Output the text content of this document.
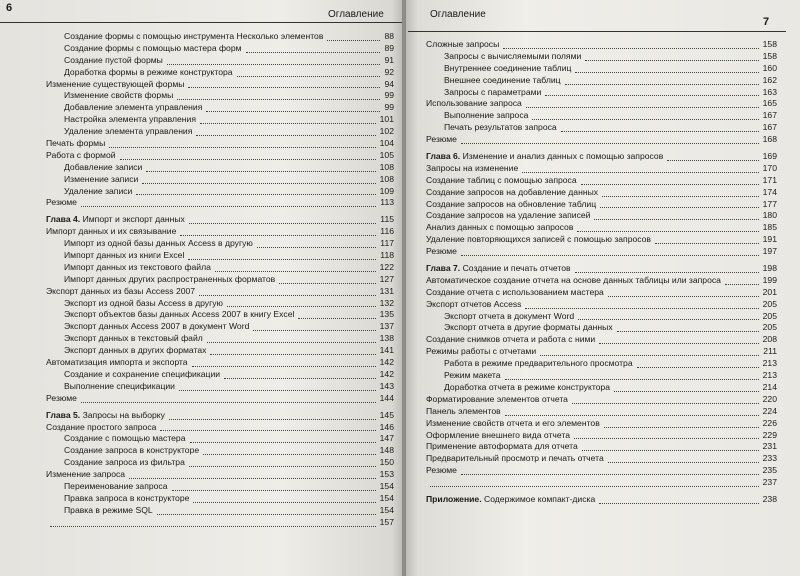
6
Оглавление
Создание формы с помощью инструмента Несколько элементов	88
Создание формы с помощью мастера форм	89
Создание пустой формы	91
Доработка формы в режиме конструктора	92
Изменение существующей формы	94
Изменение свойств формы	99
Добавление элемента управления	99
Настройка элемента управления	101
Удаление элемента управления	102
Печать формы	104
Работа с формой	105
Добавление записи	108
Изменение записи	108
Удаление записи	109
Резюме	113
Глава 4. Импорт и экспорт данных	115
Импорт данных и их связывание	116
Импорт из одной базы данных Access в другую	117
Импорт данных из книги Excel	118
Импорт данных из текстового файла	122
Импорт данных других распространенных форматов	127
Экспорт данных из базы Access 2007	131
Экспорт из одной базы Access в другую	132
Экспорт объектов базы данных Access 2007 в книгу Excel	135
Экспорт данных Access 2007 в документ Word	137
Экспорт данных в текстовый файл	138
Экспорт данных в других форматах	141
Автоматизация импорта и экспорта	142
Создание и сохранение спецификации	142
Выполнение спецификации	143
Резюме	144
Глава 5. Запросы на выборку	145
Создание простого запроса	146
Создание с помощью мастера	147
Создание запроса в конструкторе	148
Создание запроса из фильтра	150
Изменение запроса	153
Переименование запроса	154
Правка запроса в конструкторе	154
Правка в режиме SQL	154
157
Оглавление
7
Сложные запросы	158
Запросы с вычисляемыми полями	158
Внутреннее соединение таблиц	160
Внешнее соединение таблиц	162
Запросы с параметрами	163
Использование запроса	165
Выполнение запроса	167
Печать результатов запроса	167
Резюме	168
Глава 6. Изменение и анализ данных с помощью запросов	169
Запросы на изменение	170
Создание таблиц с помощью запроса	171
Создание запросов на добавление данных	174
Создание запросов на обновление таблиц	177
Создание запросов на удаление записей	180
Анализ данных с помощью запросов	185
Удаление повторяющихся записей с помощью запросов	191
Резюме	197
Глава 7. Создание и печать отчетов	198
Автоматическое создание отчета на основе данных таблицы или запроса	199
Создание отчета с использованием мастера	201
Экспорт отчетов Access	205
Экспорт отчета в документ Word	205
Экспорт отчета в другие форматы данных	205
Создание снимков отчета и работа с ними	208
Режимы работы с отчетами	211
Работа в режиме предварительного просмотра	213
Режим макета	213
Доработка отчета в режиме конструктора	214
Форматирование элементов отчета	220
Панель элементов	224
Изменение свойств отчета и его элементов	226
Оформление внешнего вида отчета	229
Применение автоформата для отчета	231
Предварительный просмотр и печать отчета	233
Резюме	235
237
Приложение. Содержимое компакт-диска	238
